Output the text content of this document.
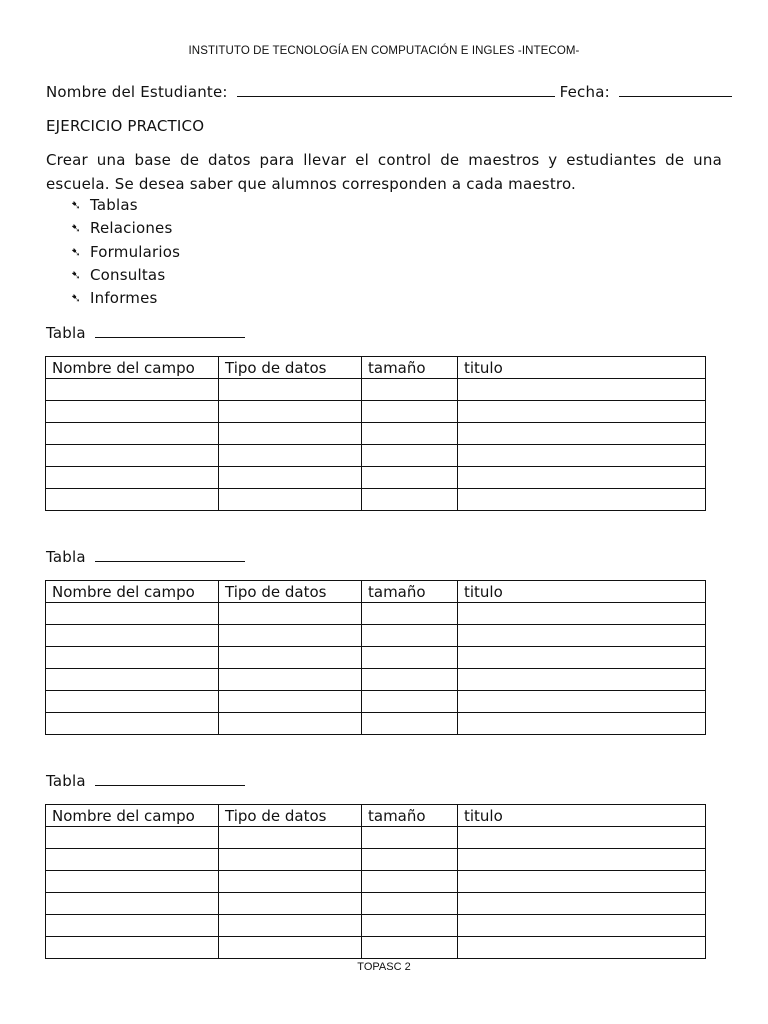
INSTITUTO DE TECNOLOGÍA EN COMPUTACIÓN E INGLES -INTECOM-
Nombre del Estudiante:	Fecha:
EJERCICIO PRACTICO
Crear una base de datos para llevar el control de maestros y estudiantes de una escuela. Se desea saber que alumnos corresponden a cada maestro.
➷ Tablas
➷ Relaciones
➷ Formularios
➷ Consultas
➷ Informes
Tabla
Nombre del campo	Tipo de datos	tamaño	titulo

Tabla
Nombre del campo	Tipo de datos	tamaño	titulo

Tabla
Nombre del campo	Tipo de datos	tamaño	titulo

TOPASC 2
